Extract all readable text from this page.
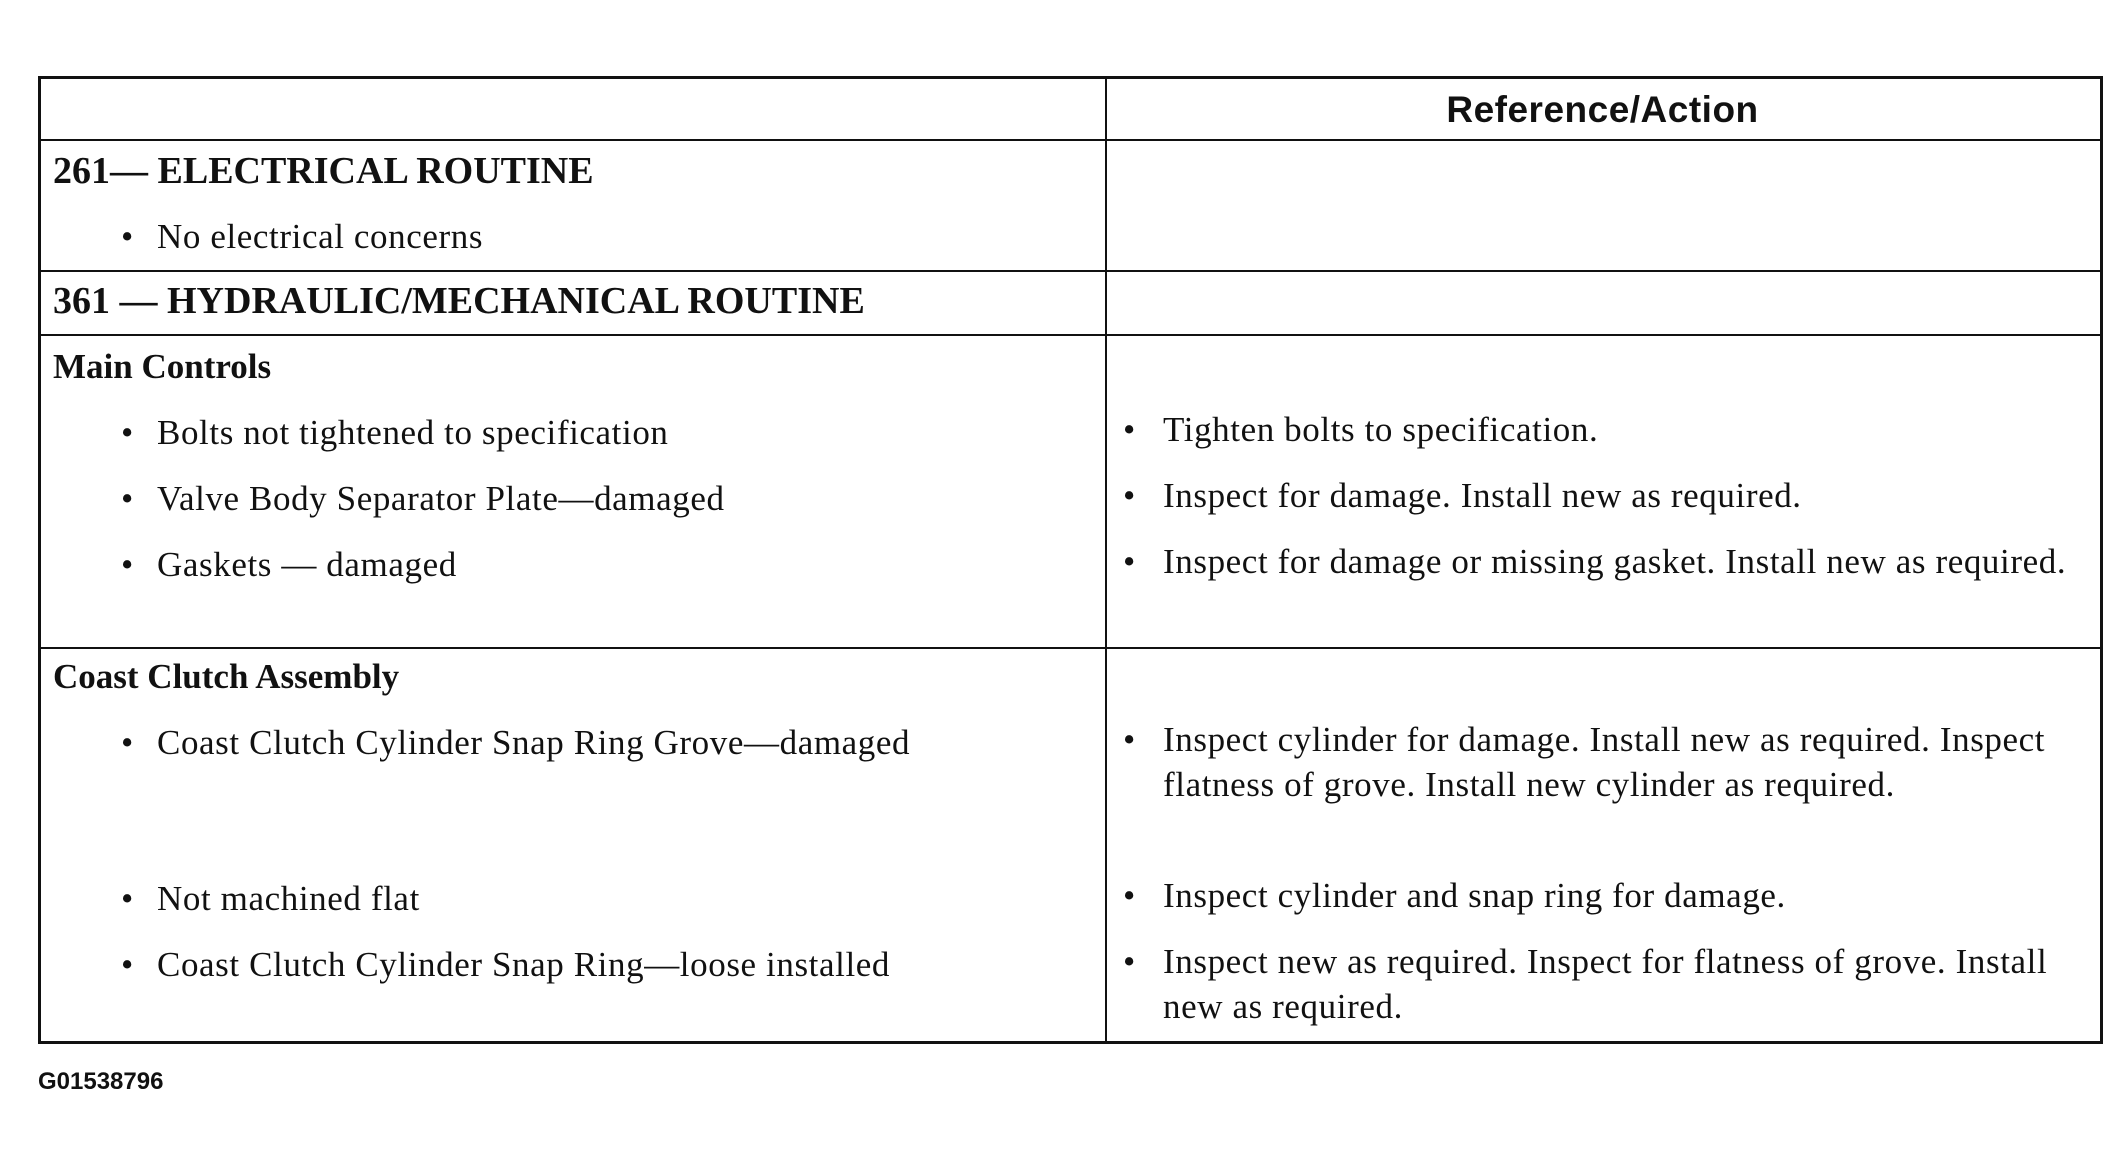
Reference/Action
261— ELECTRICAL ROUTINE
• No electrical concerns
361 — HYDRAULIC/MECHANICAL ROUTINE
Main Controls
• Bolts not tightened to specification	• Tighten bolts to specification.
• Valve Body Separator Plate—damaged	• Inspect for damage. Install new as required.
• Gaskets — damaged	• Inspect for damage or missing gasket. Install new as required.
Coast Clutch Assembly
• Coast Clutch Cylinder Snap Ring Grove—damaged	• Inspect cylinder for damage. Install new as required. Inspect flatness of grove. Install new cylinder as required.
• Not machined flat	• Inspect cylinder and snap ring for damage.
• Coast Clutch Cylinder Snap Ring—loose installed	• Inspect new as required. Inspect for flatness of grove. Install new as required.
G01538796
